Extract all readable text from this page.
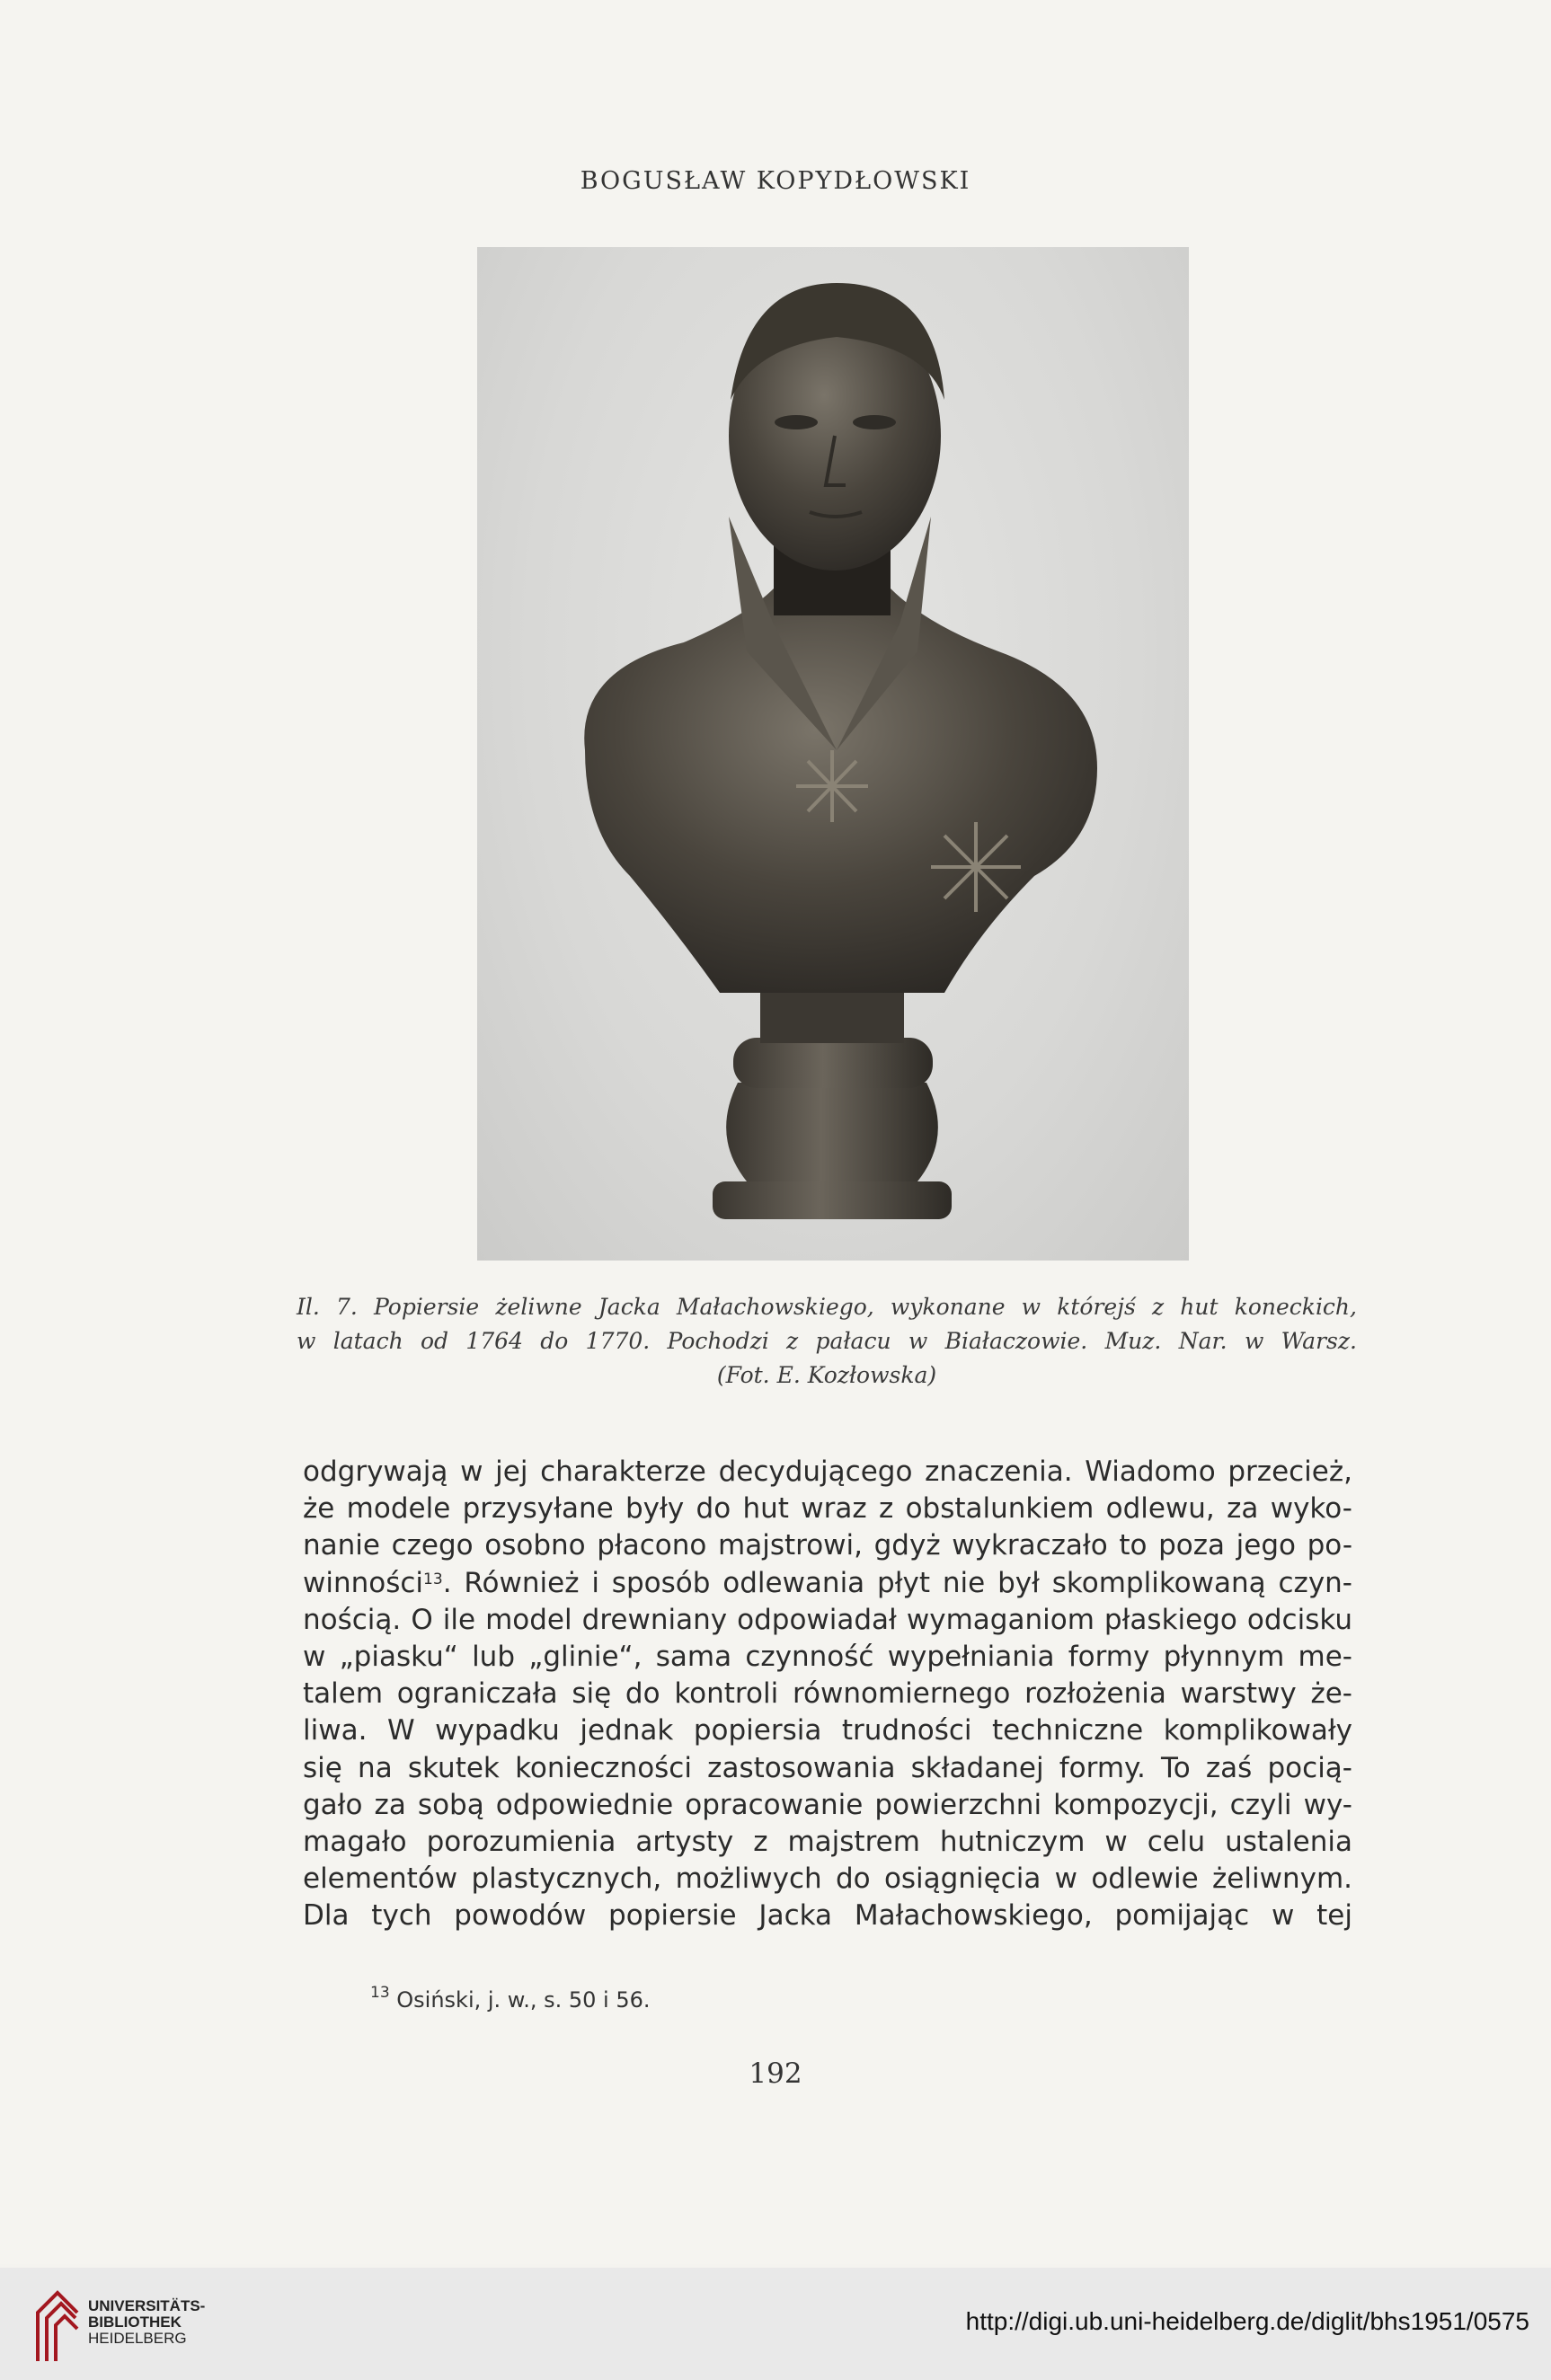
BOGUSŁAW KOPYDŁOWSKI
Il. 7. Popiersie żeliwne Jacka Małachowskiego, wykonane w którejś z hut koneckich,
w latach od 1764 do 1770. Pochodzi z pałacu w Białaczowie. Muz. Nar. w Warsz.
(Fot. E. Kozłowska)
odgrywają w jej charakterze decydującego znaczenia. Wiadomo przecież,
że modele przysyłane były do hut wraz z obstalunkiem odlewu, za wyko-
nanie czego osobno płacono majstrowi, gdyż wykraczało to poza jego po-
winności$^{13}$. Również i sposób odlewania płyt nie był skomplikowaną czyn-
nością. O ile model drewniany odpowiadał wymaganiom płaskiego odcisku
w „piasku“ lub „glinie“, sama czynność wypełniania formy płynnym me-
talem ograniczała się do kontroli równomiernego rozłożenia warstwy że-
liwa. W wypadku jednak popiersia trudności techniczne komplikowały
się na skutek konieczności zastosowania składanej formy. To zaś pocią-
gało za sobą odpowiednie opracowanie powierzchni kompozycji, czyli wy-
magało porozumienia artysty z majstrem hutniczym w celu ustalenia
elementów plastycznych, możliwych do osiągnięcia w odlewie żeliwnym.
Dla tych powodów popiersie Jacka Małachowskiego, pomijając w tej
$^{13}$ Osiński, j. w., s. 50 i 56.
192
UNIVERSITÄTS-
BIBLIOTHEK
HEIDELBERG
http://digi.ub.uni-heidelberg.de/diglit/bhs1951/0575
